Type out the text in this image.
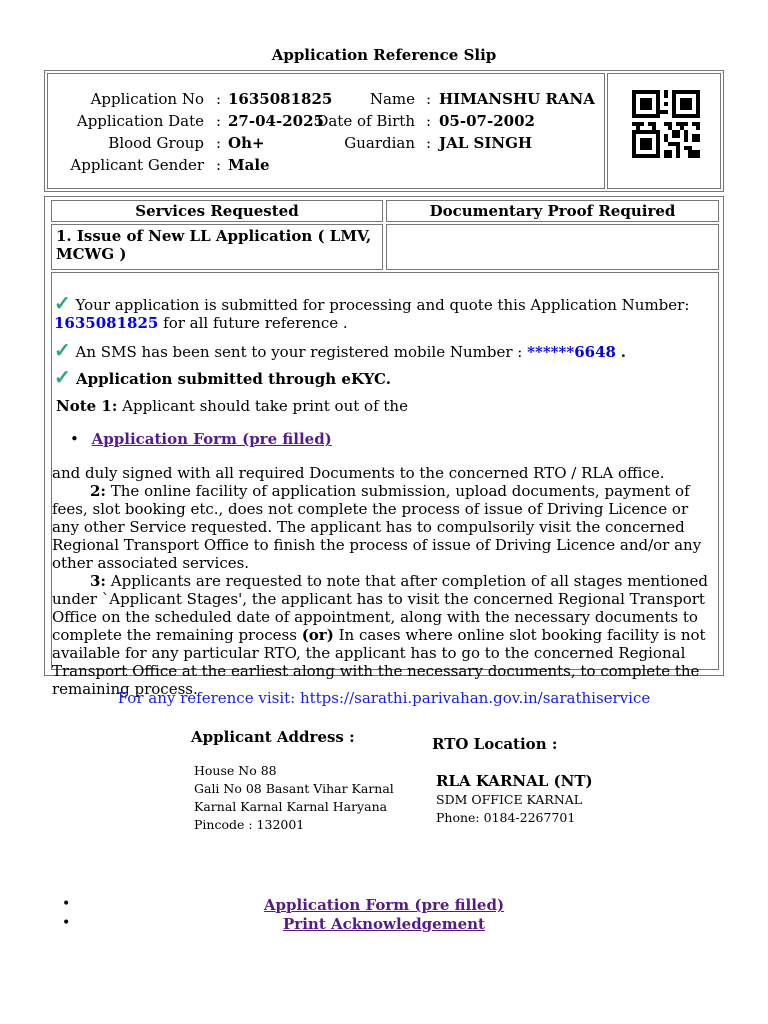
Application Reference Slip
Application No : 1635081825
Application Date : 27-04-2025
Blood Group : Oh+
Applicant Gender : Male
Name : HIMANSHU RANA
Date of Birth : 05-07-2002
Guardian : JAL SINGH
Services Requested	Documentary Proof Required
1. Issue of New LL Application ( LMV, MCWG )
✓ Your application is submitted for processing and quote this Application Number:
1635081825 for all future reference .
✓ An SMS has been sent to your registered mobile Number : ******6648 .
✓ Application submitted through eKYC.
Note 1: Applicant should take print out of the
• Application Form (pre filled)
and duly signed with all required Documents to the concerned RTO / RLA office.
2: The online facility of application submission, upload documents, payment of fees, slot booking etc., does not complete the process of issue of Driving Licence or any other Service requested. The applicant has to compulsorily visit the concerned Regional Transport Office to finish the process of issue of Driving Licence and/or any other associated services.
3: Applicants are requested to note that after completion of all stages mentioned under `Applicant Stages', the applicant has to visit the concerned Regional Transport Office on the scheduled date of appointment, along with the necessary documents to complete the remaining process (or) In cases where online slot booking facility is not available for any particular RTO, the applicant has to go to the concerned Regional Transport Office at the earliest along with the necessary documents, to complete the remaining process.
For any reference visit: https://sarathi.parivahan.gov.in/sarathiservice
Applicant Address :
House No 88
Gali No 08 Basant Vihar Karnal
Karnal Karnal Karnal Haryana
Pincode : 132001
RTO Location :
RLA KARNAL (NT)
SDM OFFICE KARNAL
Phone: 0184-2267701
•	Application Form (pre filled)
•	Print Acknowledgement
